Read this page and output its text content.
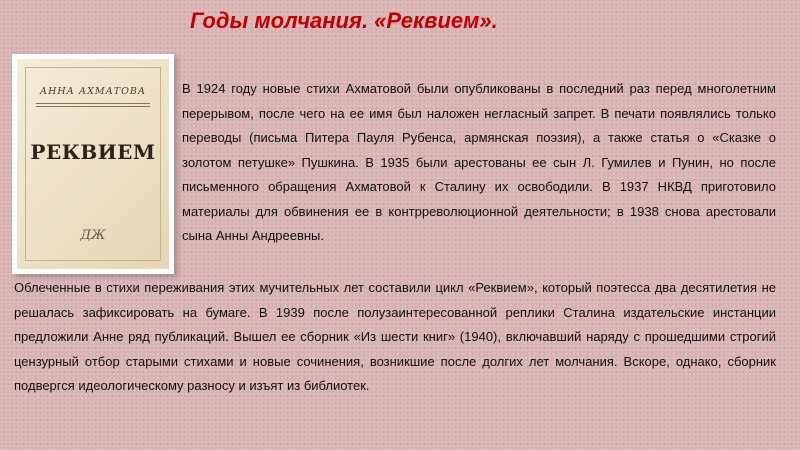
Годы молчания. «Реквием».
АННА АХМАТОВА
РЕКВИЕМ
ДЖ

В 1924 году новые стихи Ахматовой были опубликованы в последний раз перед многолетним перерывом, после чего на ее имя был наложен негласный запрет. В печати появлялись только переводы (письма Питера Пауля Рубенса, армянская поэзия), а также статья о «Сказке о золотом петушке» Пушкина. В 1935 были арестованы ее сын Л. Гумилев и Пунин, но после письменного обращения Ахматовой к Сталину их освободили. В 1937 НКВД приготовило материалы для обвинения ее в контрреволюционной деятельности; в 1938 снова арестовали сына Анны Андреевны.

Облеченные в стихи переживания этих мучительных лет составили цикл «Реквием», который поэтесса два десятилетия не решалась зафиксировать на бумаге. В 1939 после полузаинтересованной реплики Сталина издательские инстанции предложили Анне ряд публикаций. Вышел ее сборник «Из шести книг» (1940), включавший наряду с прошедшими строгий цензурный отбор старыми стихами и новые сочинения, возникшие после долгих лет молчания. Вскоре, однако, сборник подвергся идеологическому разносу и изъят из библиотек.
